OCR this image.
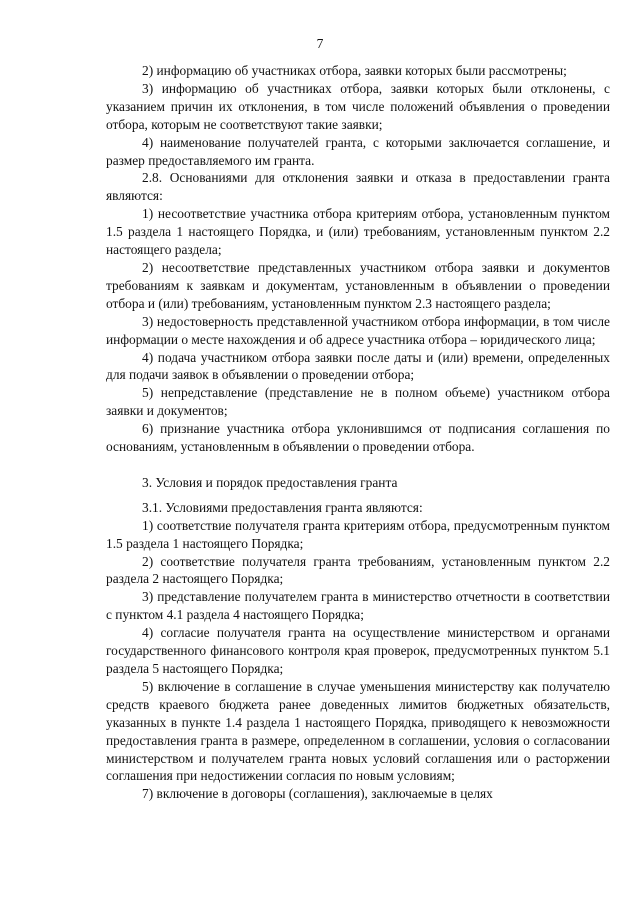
7

2) информацию об участниках отбора, заявки которых были рассмотрены;

3) информацию об участниках отбора, заявки которых были отклонены, с указанием причин их отклонения, в том числе положений объявления о проведении отбора, которым не соответствуют такие заявки;

4) наименование получателей гранта, с которыми заключается соглашение, и размер предоставляемого им гранта.

2.8. Основаниями для отклонения заявки и отказа в предоставлении гранта являются:

1) несоответствие участника отбора критериям отбора, установленным пунктом 1.5 раздела 1 настоящего Порядка, и (или) требованиям, установленным пунктом 2.2 настоящего раздела;

2) несоответствие представленных участником отбора заявки и документов требованиям к заявкам и документам, установленным в объявлении о проведении отбора и (или) требованиям, установленным пунктом 2.3 настоящего раздела;

3) недостоверность представленной участником отбора информации, в том числе информации о месте нахождения и об адресе участника отбора – юридического лица;

4) подача участником отбора заявки после даты и (или) времени, определенных для подачи заявок в объявлении о проведении отбора;

5) непредставление (представление не в полном объеме) участником отбора заявки и документов;

6) признание участника отбора уклонившимся от подписания соглашения по основаниям, установленным в объявлении о проведении отбора.

3. Условия и порядок предоставления гранта

3.1. Условиями предоставления гранта являются:

1) соответствие получателя гранта критериям отбора, предусмотренным пунктом 1.5 раздела 1 настоящего Порядка;

2) соответствие получателя гранта требованиям, установленным пунктом 2.2 раздела 2 настоящего Порядка;

3) представление получателем гранта в министерство отчетности в соответствии с пунктом 4.1 раздела 4 настоящего Порядка;

4) согласие получателя гранта на осуществление министерством и органами государственного финансового контроля края проверок, предусмотренных пунктом 5.1 раздела 5 настоящего Порядка;

5) включение в соглашение в случае уменьшения министерству как получателю средств краевого бюджета ранее доведенных лимитов бюджетных обязательств, указанных в пункте 1.4 раздела 1 настоящего Порядка, приводящего к невозможности предоставления гранта в размере, определенном в соглашении, условия о согласовании министерством и получателем гранта новых условий соглашения или о расторжении соглашения при недостижении согласия по новым условиям;

7) включение в договоры (соглашения), заключаемые в целях
